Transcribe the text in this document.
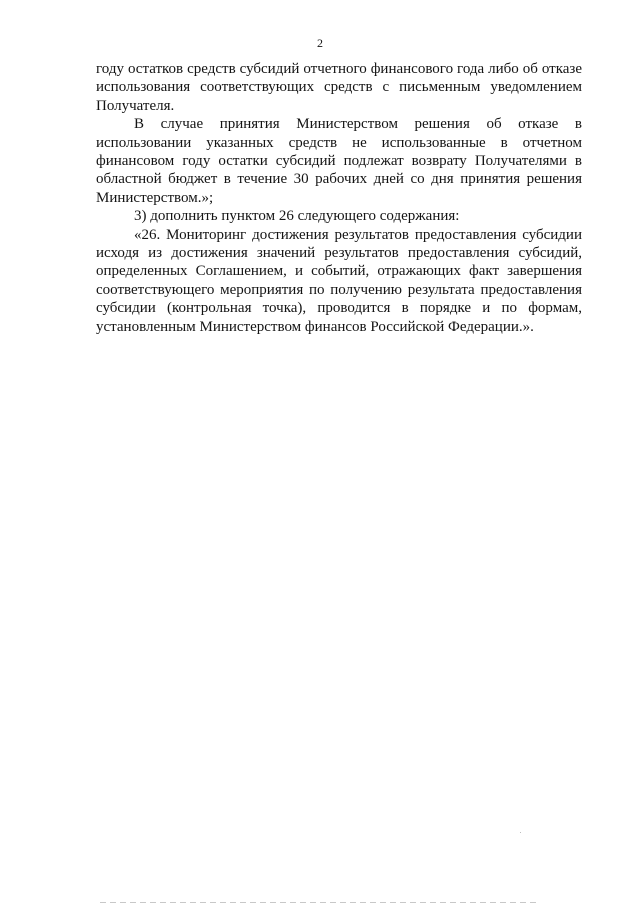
2

году остатков средств субсидий отчетного финансового года либо об отказе использования соответствующих средств с письменным уведомлением Получателя.

В случае принятия Министерством решения об отказе в использовании указанных средств не использованные в отчетном финансовом году остатки субсидий подлежат возврату Получателями в областной бюджет в течение 30 рабочих дней со дня принятия решения Министерством.»;

3) дополнить пунктом 26 следующего содержания:

«26. Мониторинг достижения результатов предоставления субсидии исходя из достижения значений результатов предоставления субсидий, определенных Соглашением, и событий, отражающих факт завершения соответствующего мероприятия по получению результата предоставления субсидии (контрольная точка), проводится в порядке и по формам, установленным Министерством финансов Российской Федерации.».
